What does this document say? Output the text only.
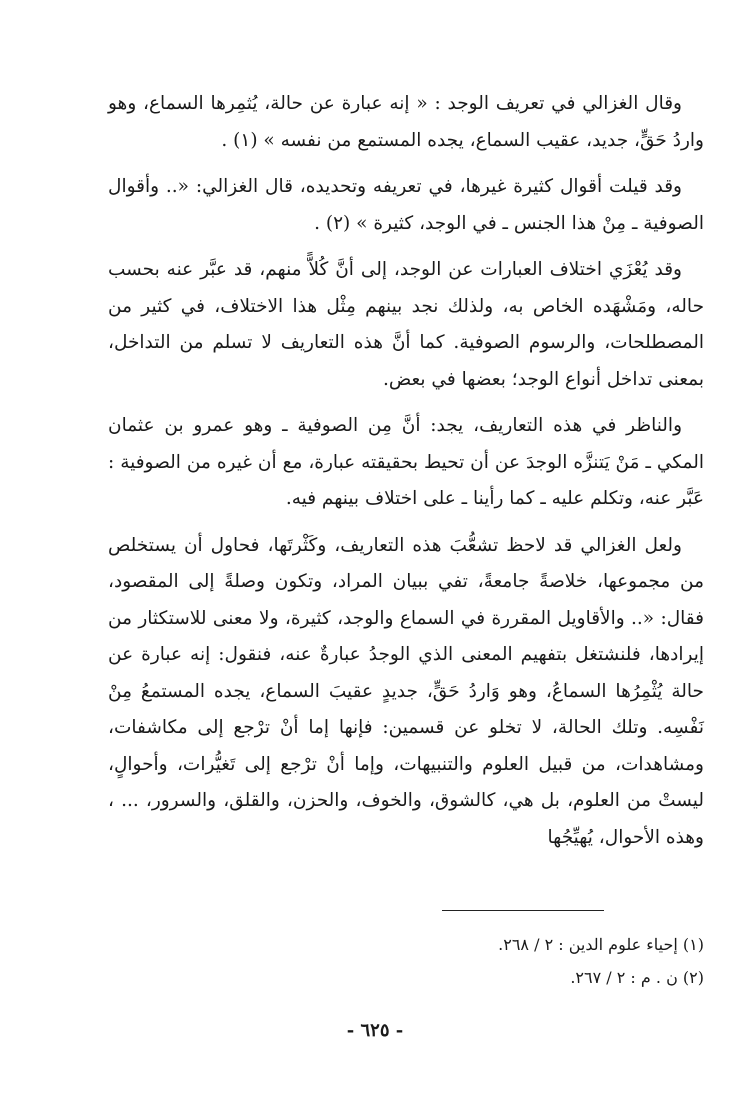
وقال الغزالي في تعريف الوجد : « إنه عبارة عن حالة، يُثمِرها السماع، وهو واردُ حَقٍّ، جديد، عقيب السماع، يجده المستمع من نفسه » (١) .

وقد قيلت أقوال كثيرة غيرها، في تعريفه وتحديده، قال الغزالي: «.. وأقوال الصوفية ـ مِنْ هذا الجنس ـ في الوجد، كثيرة » (٢) .

وقد يُعْزَي اختلاف العبارات عن الوجد، إلى أنَّ كُلاًّ منهم، قد عبَّر عنه بحسب حاله، ومَشْهَده الخاص به، ولذلك نجد بينهم مِثْل هذا الاختلاف، في كثير من المصطلحات، والرسوم الصوفية. كما أنَّ هذه التعاريف لا تسلم من التداخل، بمعنى تداخل أنواع الوجد؛ بعضها في بعض.

والناظر في هذه التعاريف، يجد: أنَّ مِن الصوفية ـ وهو عمرو بن عثمان المكي ـ مَنْ يَتنزَّه الوجدَ عن أن تحيط بحقيقته عبارة، مع أن غيره من الصوفية : عَبَّر عنه، وتكلم عليه ـ كما رأينا ـ على اختلاف بينهم فيه.

ولعل الغزالي قد لاحظ تشعُّبَ هذه التعاريف، وكَثْرتَها، فحاول أن يستخلص من مجموعها، خلاصةً جامعةً، تفي ببيان المراد، وتكون وصلةً إلى المقصود، فقال: «.. والأقاويل المقررة في السماع والوجد، كثيرة، ولا معنى للاستكثار من إيرادها، فلنشتغل بتفهيم المعنى الذي الوجدُ عبارةٌ عنه، فنقول: إنه عبارة عن حالة يُثْمِرُها السماعُ، وهو وَاردُ حَقٍّ، جديدٍ عقيبَ السماع، يجده المستمعُ مِنْ نَفْسِه. وتلك الحالة، لا تخلو عن قسمين: فإنها إما أنْ ترْجع إلى مكاشفات، ومشاهدات، من قبيل العلوم والتنبيهات، وإما أنْ ترْجع إلى تَغيُّرات، وأحوالٍ، ليستْ من العلوم، بل هي، كالشوق، والخوف، والحزن، والقلق، والسرور، ... ، وهذه الأحوال، يُهيِّجُها

(١) إحياء علوم الدين : ٢ / ٢٦٨.
(٢) ن . م : ٢ / ٢٦٧.
- ٦٢٥ -
